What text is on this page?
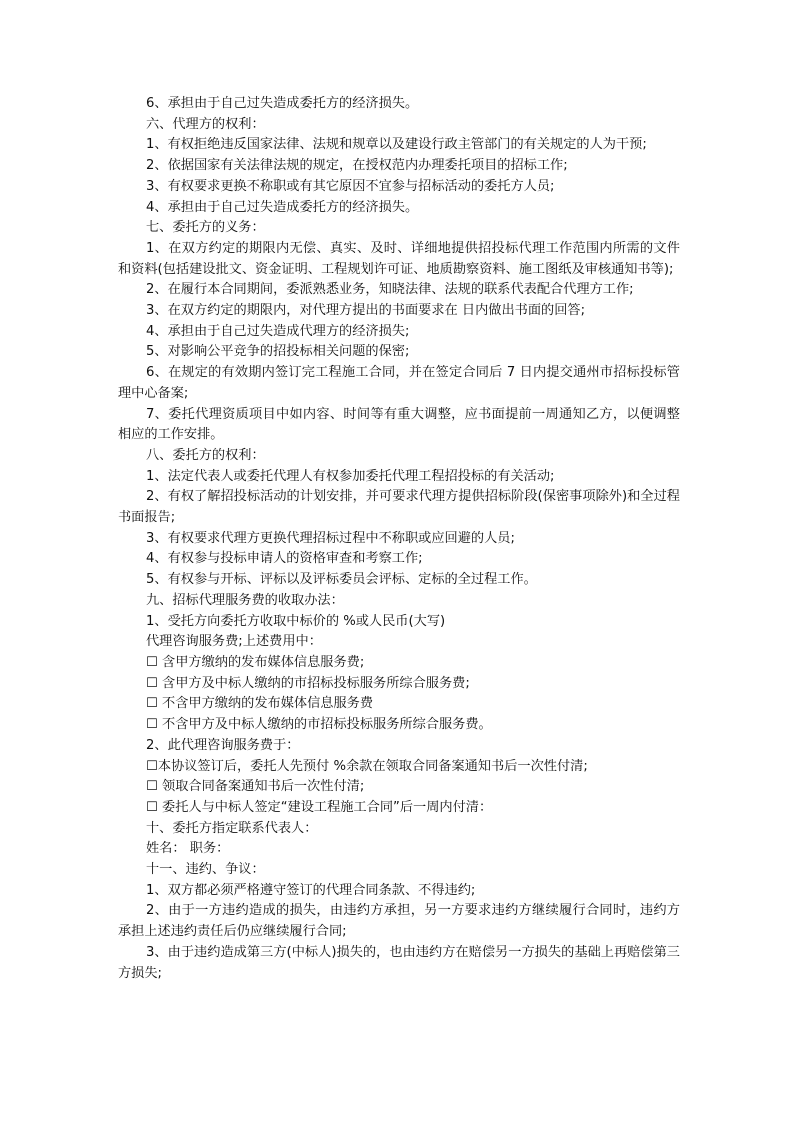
6、承担由于自己过失造成委托方的经济损失。

六、代理方的权利：

1、有权拒绝违反国家法律、法规和规章以及建设行政主管部门的有关规定的人为干预;

2、依据国家有关法律法规的规定，在授权范内办理委托项目的招标工作;

3、有权要求更换不称职或有其它原因不宜参与招标活动的委托方人员;

4、承担由于自己过失造成委托方的经济损失。

七、委托方的义务：

1、在双方约定的期限内无偿、真实、及时、详细地提供招投标代理工作范围内所需的文件和资料(包括建设批文、资金证明、工程规划许可证、地质勘察资料、施工图纸及审核通知书等);

2、在履行本合同期间，委派熟悉业务，知晓法律、法规的联系代表配合代理方工作;

3、在双方约定的期限内，对代理方提出的书面要求在 日内做出书面的回答;

4、承担由于自己过失造成代理方的经济损失;

5、对影响公平竞争的招投标相关问题的保密;

6、在规定的有效期内签订完工程施工合同，并在签定合同后 7 日内提交通州市招标投标管理中心备案;

7、委托代理资质项目中如内容、时间等有重大调整，应书面提前一周通知乙方，以便调整相应的工作安排。

八、委托方的权利：

1、法定代表人或委托代理人有权参加委托代理工程招投标的有关活动;

2、有权了解招投标活动的计划安排，并可要求代理方提供招标阶段(保密事项除外)和全过程书面报告;

3、有权要求代理方更换代理招标过程中不称职或应回避的人员;

4、有权参与投标申请人的资格审查和考察工作;

5、有权参与开标、评标以及评标委员会评标、定标的全过程工作。

九、招标代理服务费的收取办法：

1、受托方向委托方收取中标价的 %或人民币(大写)

代理咨询服务费;上述费用中：

☐ 含甲方缴纳的发布媒体信息服务费;

☐ 含甲方及中标人缴纳的市招标投标服务所综合服务费;

☐ 不含甲方缴纳的发布媒体信息服务费

☐ 不含甲方及中标人缴纳的市招标投标服务所综合服务费。

2、此代理咨询服务费于：

☐本协议签订后，委托人先预付 %余款在领取合同备案通知书后一次性付清;

☐ 领取合同备案通知书后一次性付清;

☐ 委托人与中标人签定“建设工程施工合同”后一周内付清：

十、委托方指定联系代表人：

姓名： 职务：

十一、违约、争议：

1、双方都必须严格遵守签订的代理合同条款、不得违约;

2、由于一方违约造成的损失，由违约方承担，另一方要求违约方继续履行合同时，违约方承担上述违约责任后仍应继续履行合同;

3、由于违约造成第三方(中标人)损失的，也由违约方在赔偿另一方损失的基础上再赔偿第三方损失;
